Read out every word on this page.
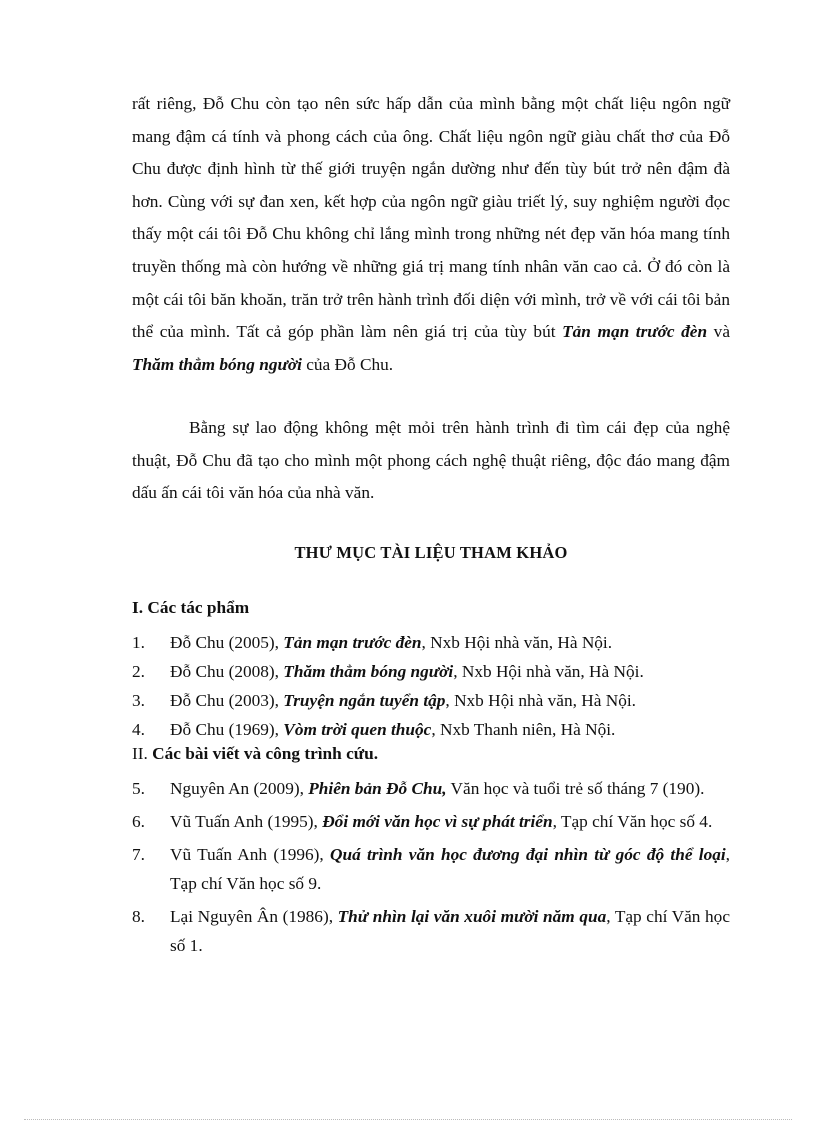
rất riêng, Đỗ Chu còn tạo nên sức hấp dẫn của mình bằng một chất liệu ngôn ngữ mang đậm cá tính và phong cách của ông. Chất liệu ngôn ngữ giàu chất thơ của Đỗ Chu được định hình từ thế giới truyện ngắn dường như đến tùy bút trở nên đậm đà hơn. Cùng với sự đan xen, kết hợp của ngôn ngữ giàu triết lý, suy nghiệm người đọc thấy một cái tôi Đỗ Chu không chỉ lắng mình trong những nét đẹp văn hóa mang tính truyền thống mà còn hướng về những giá trị mang tính nhân văn cao cả. Ở đó còn là một cái tôi băn khoăn, trăn trở trên hành trình đối diện với mình, trở về với cái tôi bản thể của mình. Tất cả góp phần làm nên giá trị của tùy bút Tản mạn trước đèn và Thăm thẳm bóng người của Đỗ Chu.

Bằng sự lao động không mệt mỏi trên hành trình đi tìm cái đẹp của nghệ thuật, Đỗ Chu đã tạo cho mình một phong cách nghệ thuật riêng, độc đáo mang đậm dấu ấn cái tôi văn hóa của nhà văn.

THƯ MỤC TÀI LIỆU THAM KHẢO

I. Các tác phẩm

1. Đỗ Chu (2005), Tản mạn trước đèn, Nxb Hội nhà văn, Hà Nội.
2. Đỗ Chu (2008), Thăm thẳm bóng người, Nxb Hội nhà văn, Hà Nội.
3. Đỗ Chu (2003), Truyện ngắn tuyển tập, Nxb Hội nhà văn, Hà Nội.
4. Đỗ Chu (1969), Vòm trời quen thuộc, Nxb Thanh niên, Hà Nội.

II. Các bài viết và công trình cứu.

5. Nguyên An (2009), Phiên bản Đỗ Chu, Văn học và tuổi trẻ số tháng 7 (190).
6. Vũ Tuấn Anh (1995), Đổi mới văn học vì sự phát triển, Tạp chí Văn học số 4.
7. Vũ Tuấn Anh (1996), Quá trình văn học đương đại nhìn từ góc độ thể loại, Tạp chí Văn học số 9.
8. Lại Nguyên Ân (1986), Thử nhìn lại văn xuôi mười năm qua, Tạp chí Văn học số 1.
